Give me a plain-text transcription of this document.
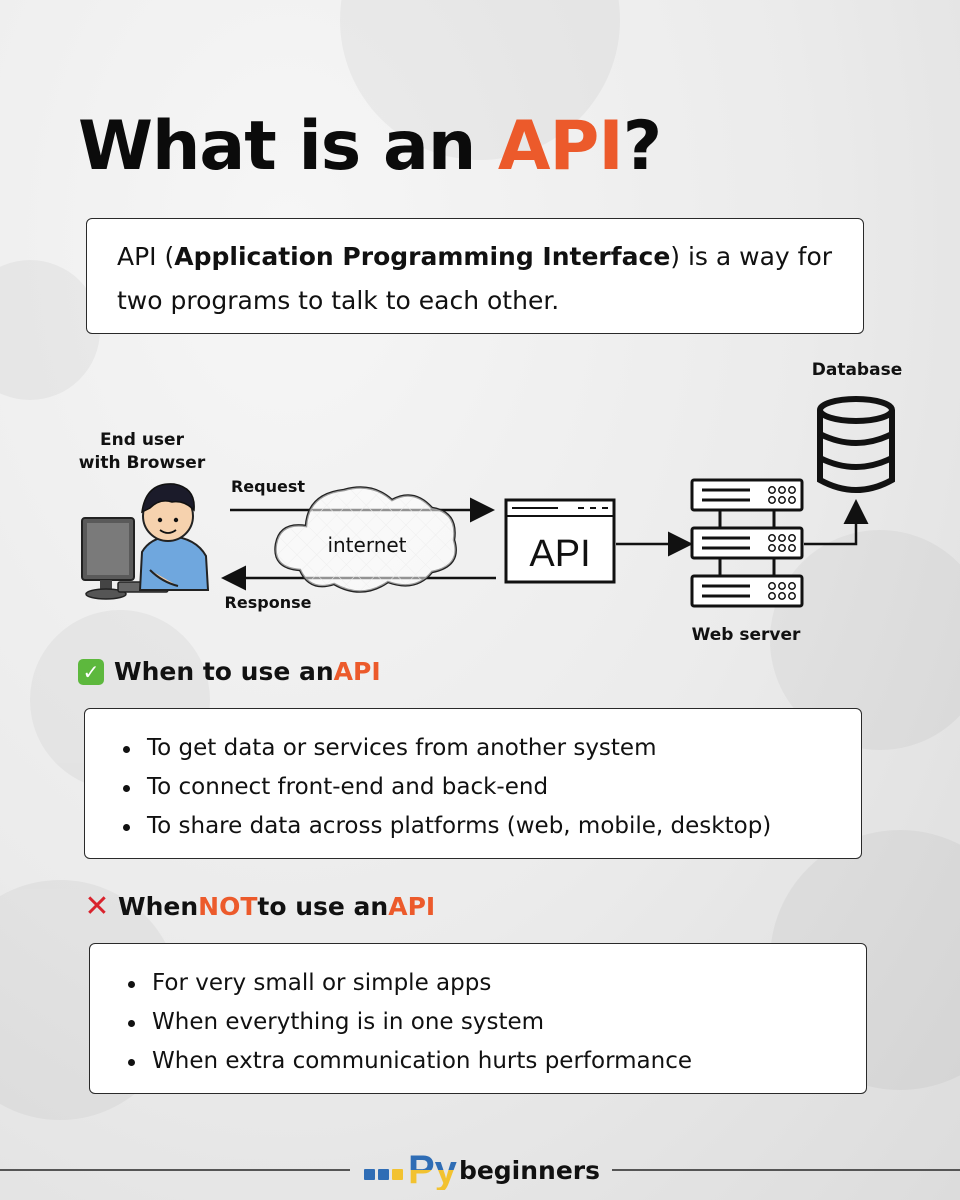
What is an API?

API (Application Programming Interface) is a way for
two programs to talk to each other.

End user
with Browser
Request
Response
internet	API
Web server
Database
✓ When to use an API
To get data or services from another system
To connect front-end and back-end
To share data across platforms (web, mobile, desktop)
✕ When NOT to use an API
For very small or simple apps
When everything is in one system
When extra communication hurts performance
Py beginners
